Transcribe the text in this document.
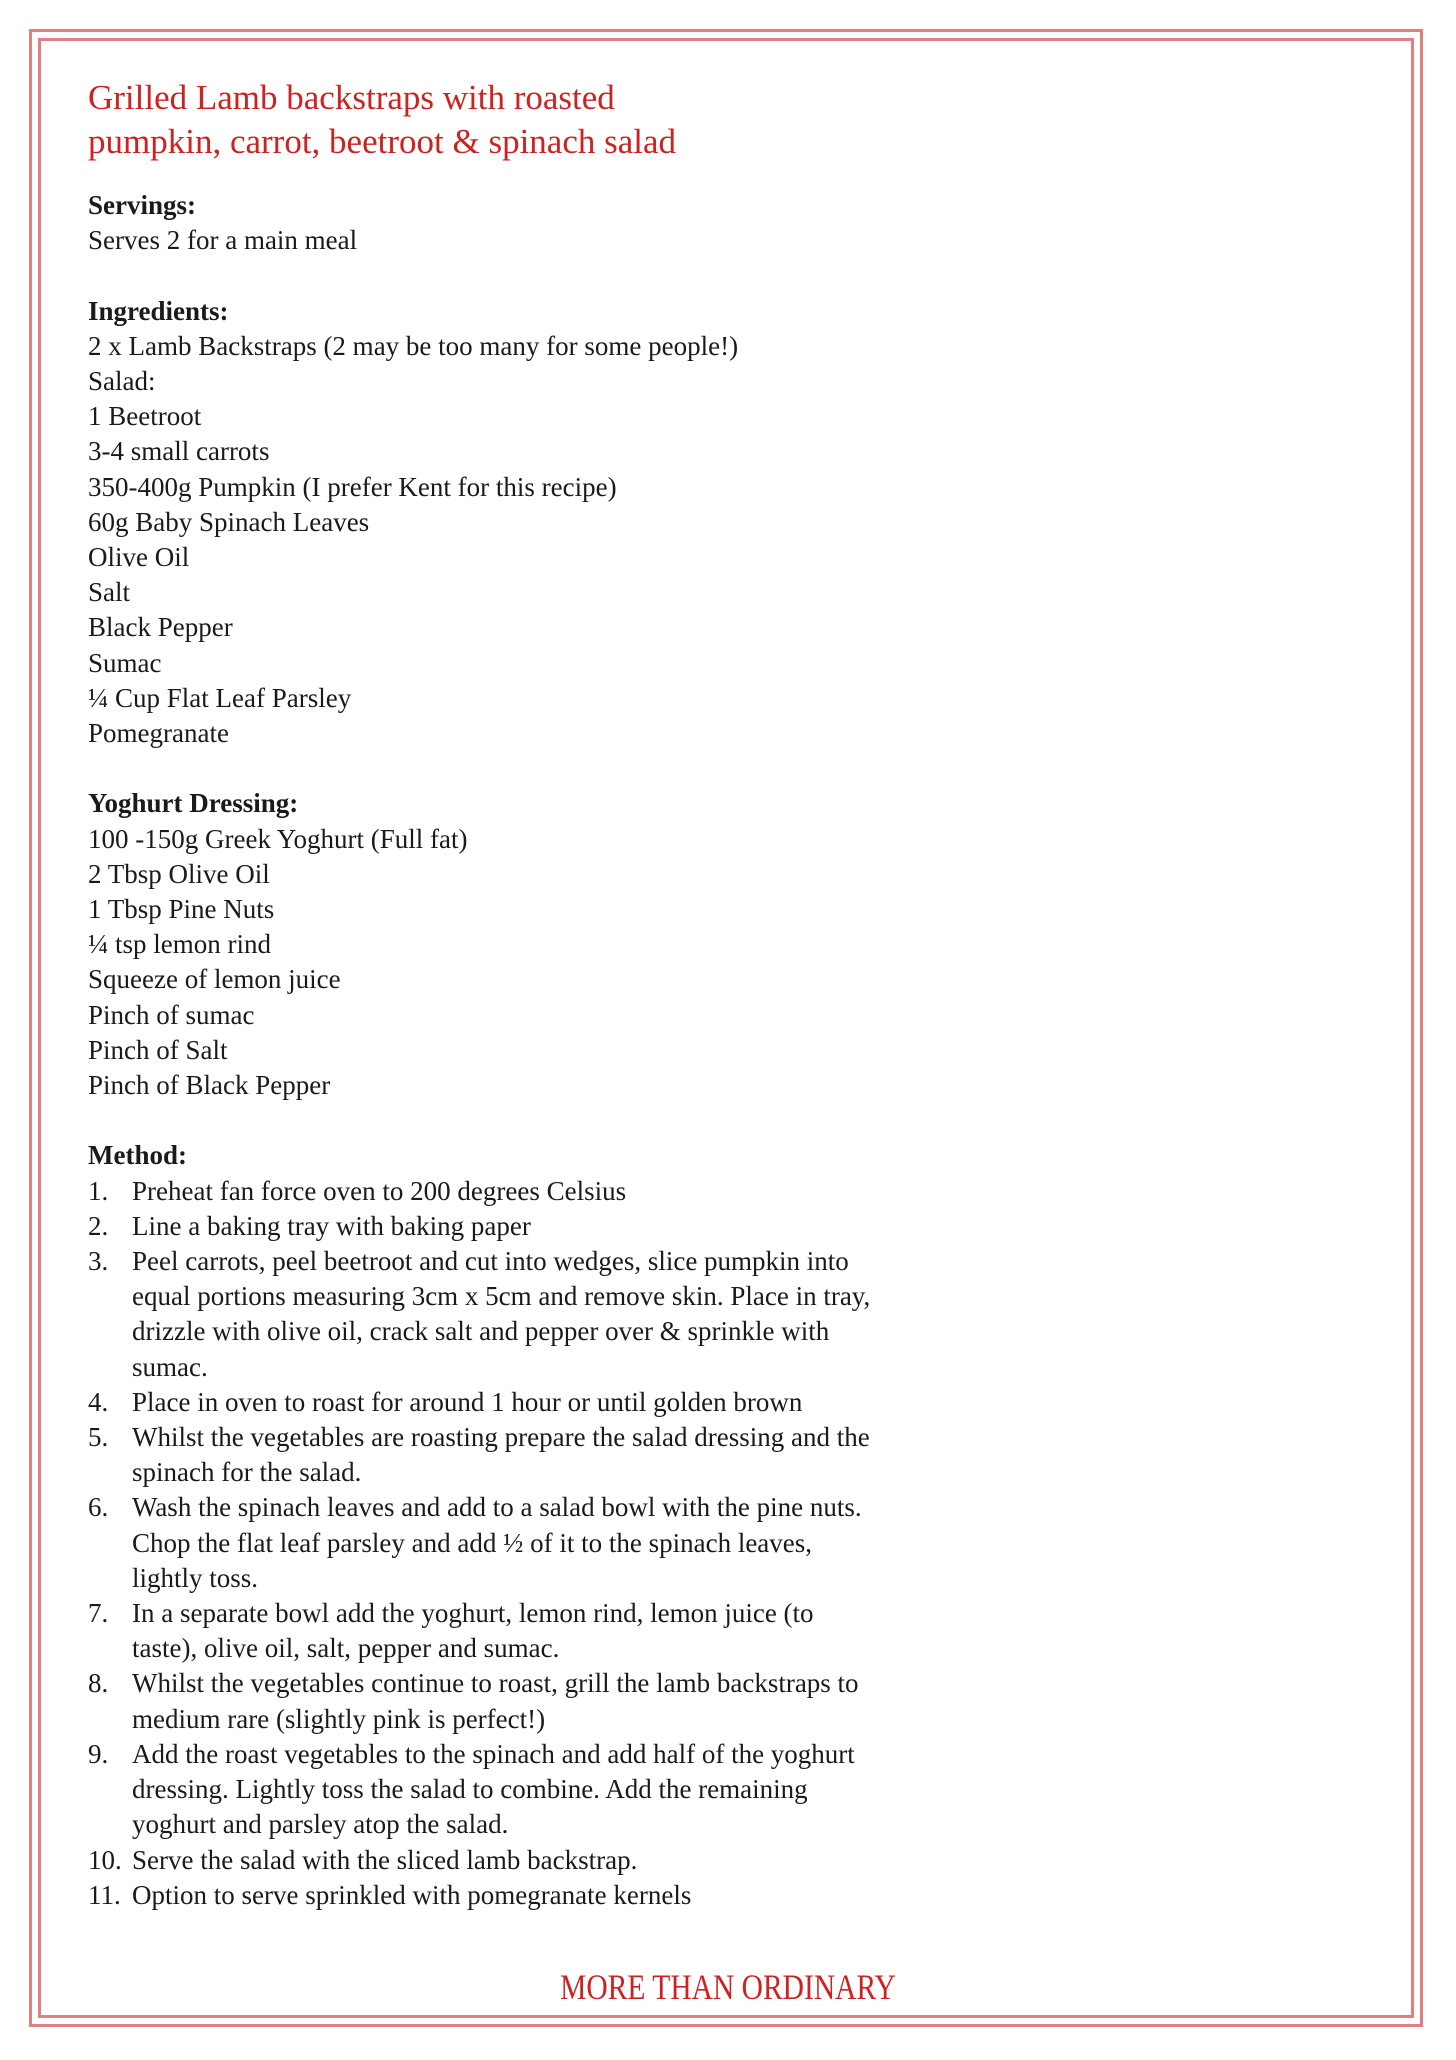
Grilled Lamb backstraps with roasted
pumpkin, carrot, beetroot & spinach salad
Servings:
Serves 2 for a main meal
Ingredients:
2 x Lamb Backstraps (2 may be too many for some people!)
Salad:
1 Beetroot
3-4 small carrots
350-400g Pumpkin (I prefer Kent for this recipe)
60g Baby Spinach Leaves
Olive Oil
Salt
Black Pepper
Sumac
¼ Cup Flat Leaf Parsley
Pomegranate
Yoghurt Dressing:
100 -150g Greek Yoghurt (Full fat)
2 Tbsp Olive Oil
1 Tbsp Pine Nuts
¼ tsp lemon rind
Squeeze of lemon juice
Pinch of sumac
Pinch of Salt
Pinch of Black Pepper
Method:
1. Preheat fan force oven to 200 degrees Celsius
2. Line a baking tray with baking paper
3. Peel carrots, peel beetroot and cut into wedges, slice pumpkin into equal portions measuring 3cm x 5cm and remove skin. Place in tray, drizzle with olive oil, crack salt and pepper over & sprinkle with sumac.
4. Place in oven to roast for around 1 hour or until golden brown
5. Whilst the vegetables are roasting prepare the salad dressing and the spinach for the salad.
6. Wash the spinach leaves and add to a salad bowl with the pine nuts. Chop the flat leaf parsley and add ½ of it to the spinach leaves, lightly toss.
7. In a separate bowl add the yoghurt, lemon rind, lemon juice (to taste), olive oil, salt, pepper and sumac.
8. Whilst the vegetables continue to roast, grill the lamb backstraps to medium rare (slightly pink is perfect!)
9. Add the roast vegetables to the spinach and add half of the yoghurt dressing. Lightly toss the salad to combine. Add the remaining yoghurt and parsley atop the salad.
10. Serve the salad with the sliced lamb backstrap.
11. Option to serve sprinkled with pomegranate kernels
MORE THAN ORDINARY
